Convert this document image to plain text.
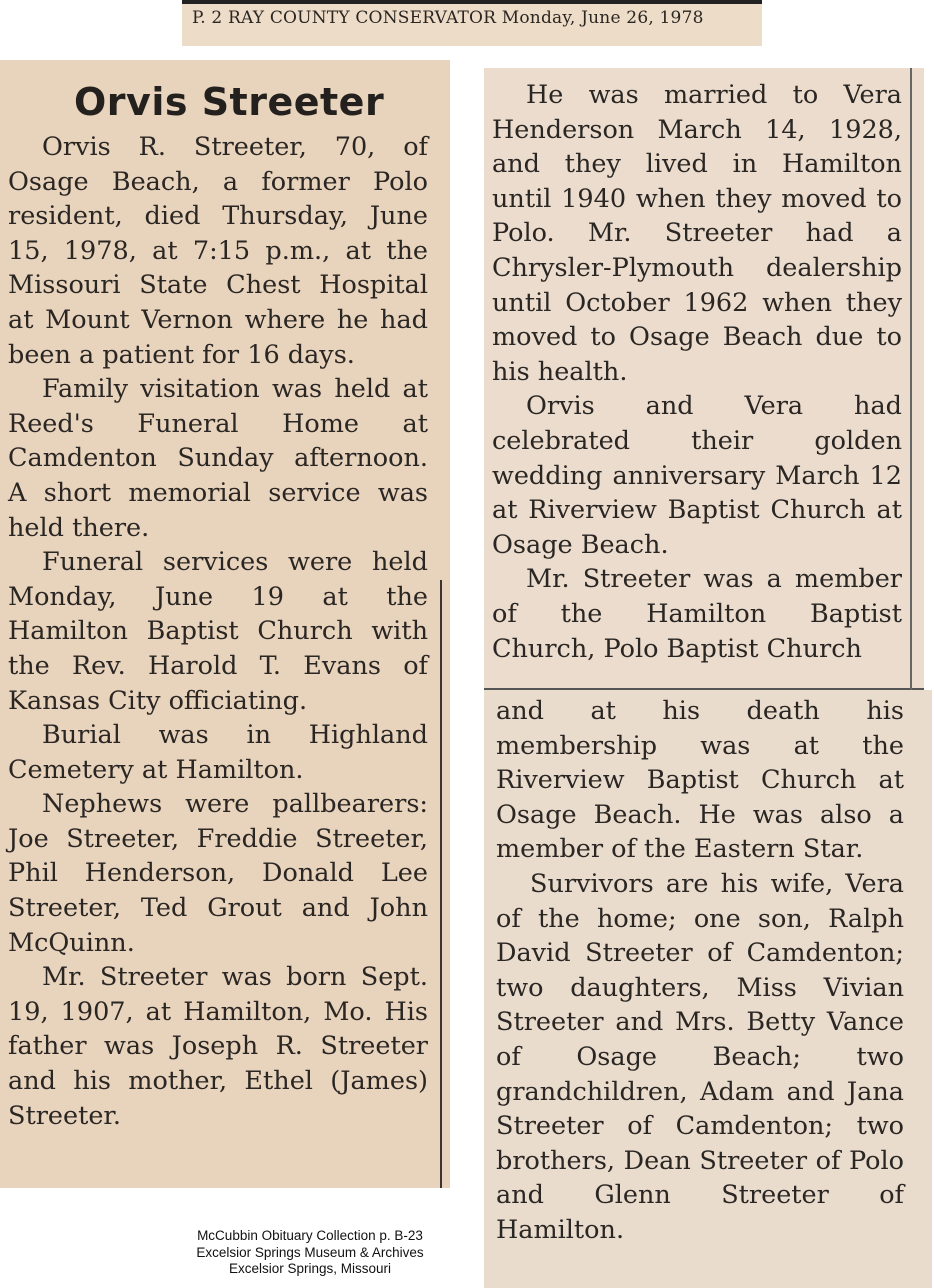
P. 2 RAY COUNTY CONSERVATOR Monday, June 26, 1978
Orvis Streeter

Orvis R. Streeter, 70, of Osage Beach, a former Polo resident, died Thursday, June 15, 1978, at 7:15 p.m., at the Missouri State Chest Hospital at Mount Vernon where he had been a patient for 16 days.

Family visitation was held at Reed's Funeral Home at Camdenton Sunday afternoon. A short memorial service was held there.

Funeral services were held Monday, June 19 at the Hamilton Baptist Church with the Rev. Harold T. Evans of Kansas City officiating.

Burial was in Highland Cemetery at Hamilton.

Nephews were pallbearers: Joe Streeter, Freddie Streeter, Phil Henderson, Donald Lee Streeter, Ted Grout and John McQuinn.

Mr. Streeter was born Sept. 19, 1907, at Hamilton, Mo. His father was Joseph R. Streeter and his mother, Ethel (James) Streeter.

He was married to Vera Henderson March 14, 1928, and they lived in Hamilton until 1940 when they moved to Polo. Mr. Streeter had a Chrysler-Plymouth dealership until October 1962 when they moved to Osage Beach due to his health.

Orvis and Vera had celebrated their golden wedding anniversary March 12 at Riverview Baptist Church at Osage Beach.

Mr. Streeter was a member of the Hamilton Baptist Church, Polo Baptist Church

and at his death his membership was at the Riverview Baptist Church at Osage Beach. He was also a member of the Eastern Star.

Survivors are his wife, Vera of the home; one son, Ralph David Streeter of Camdenton; two daughters, Miss Vivian Streeter and Mrs. Betty Vance of Osage Beach; two grandchildren, Adam and Jana Streeter of Camdenton; two brothers, Dean Streeter of Polo and Glenn Streeter of Hamilton.

McCubbin Obituary Collection p. B-23
Excelsior Springs Museum & Archives
Excelsior Springs, Missouri
